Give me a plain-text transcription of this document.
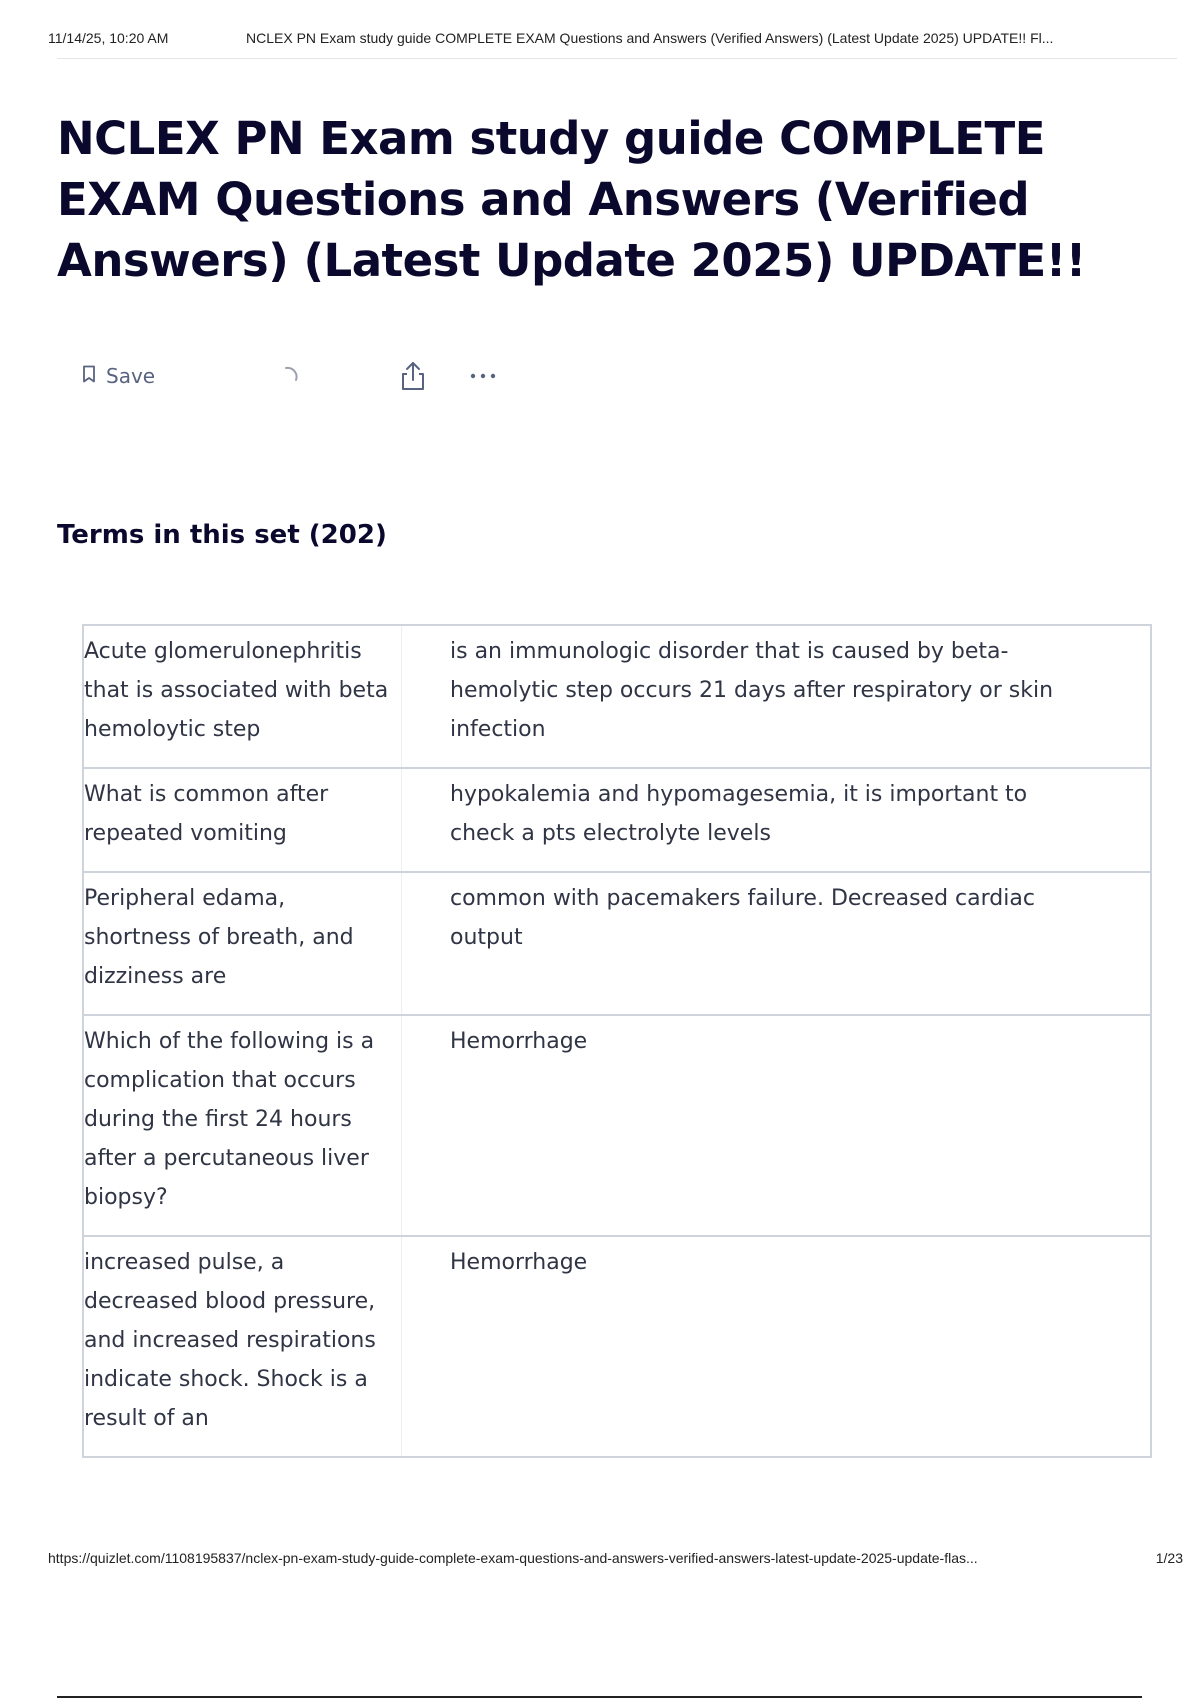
11/14/25, 10:20 AM	NCLEX PN Exam study guide COMPLETE EXAM Questions and Answers (Verified Answers) (Latest Update 2025) UPDATE!! Fl...
NCLEX PN Exam study guide COMPLETE EXAM Questions and Answers (Verified Answers) (Latest Update 2025) UPDATE!!
Save
Terms in this set (202)
Acute glomerulonephritis that is associated with beta hemoloytic step
is an immunologic disorder that is caused by beta-hemolytic step occurs 21 days after respiratory or skin infection
What is common after repeated vomiting
hypokalemia and hypomagesemia, it is important to check a pts electrolyte levels
Peripheral edama, shortness of breath, and dizziness are
common with pacemakers failure. Decreased cardiac output
Which of the following is a complication that occurs during the first 24 hours after a percutaneous liver biopsy?
Hemorrhage
increased pulse, a decreased blood pressure, and increased respirations indicate shock. Shock is a result of an
Hemorrhage
https://quizlet.com/1108195837/nclex-pn-exam-study-guide-complete-exam-questions-and-answers-verified-answers-latest-update-2025-update-flas...	1/23
